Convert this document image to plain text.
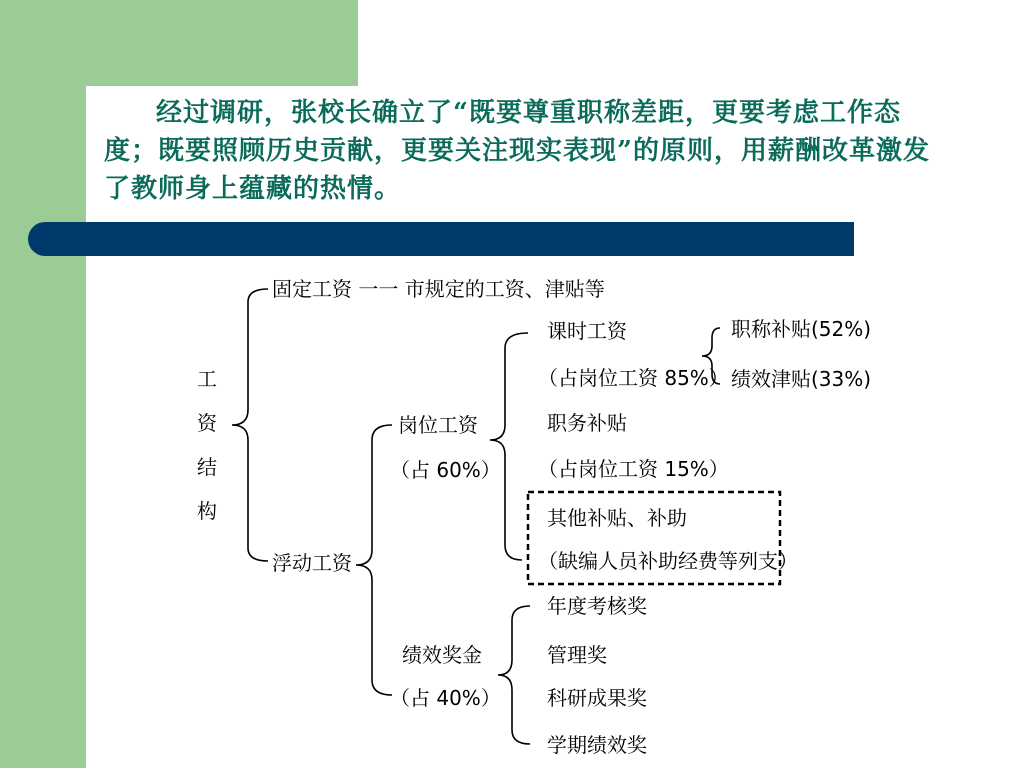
经过调研，张校长确立了“既要尊重职称差距，更要考虑工作态度；既要照顾历史贡献，更要关注现实表现”的原则，用薪酬改革激发了教师身上蕴藏的热情。

工
资
结
构
固定工资 一一 市规定的工资、津贴等
浮动工资
岗位工资
（占 60%）
课时工资
（占岗位工资 85%）
职称补贴(52%)
绩效津贴(33%)
职务补贴
（占岗位工资 15%）
其他补贴、补助
（缺编人员补助经费等列支）
绩效奖金
（占 40%）
年度考核奖
管理奖
科研成果奖
学期绩效奖
